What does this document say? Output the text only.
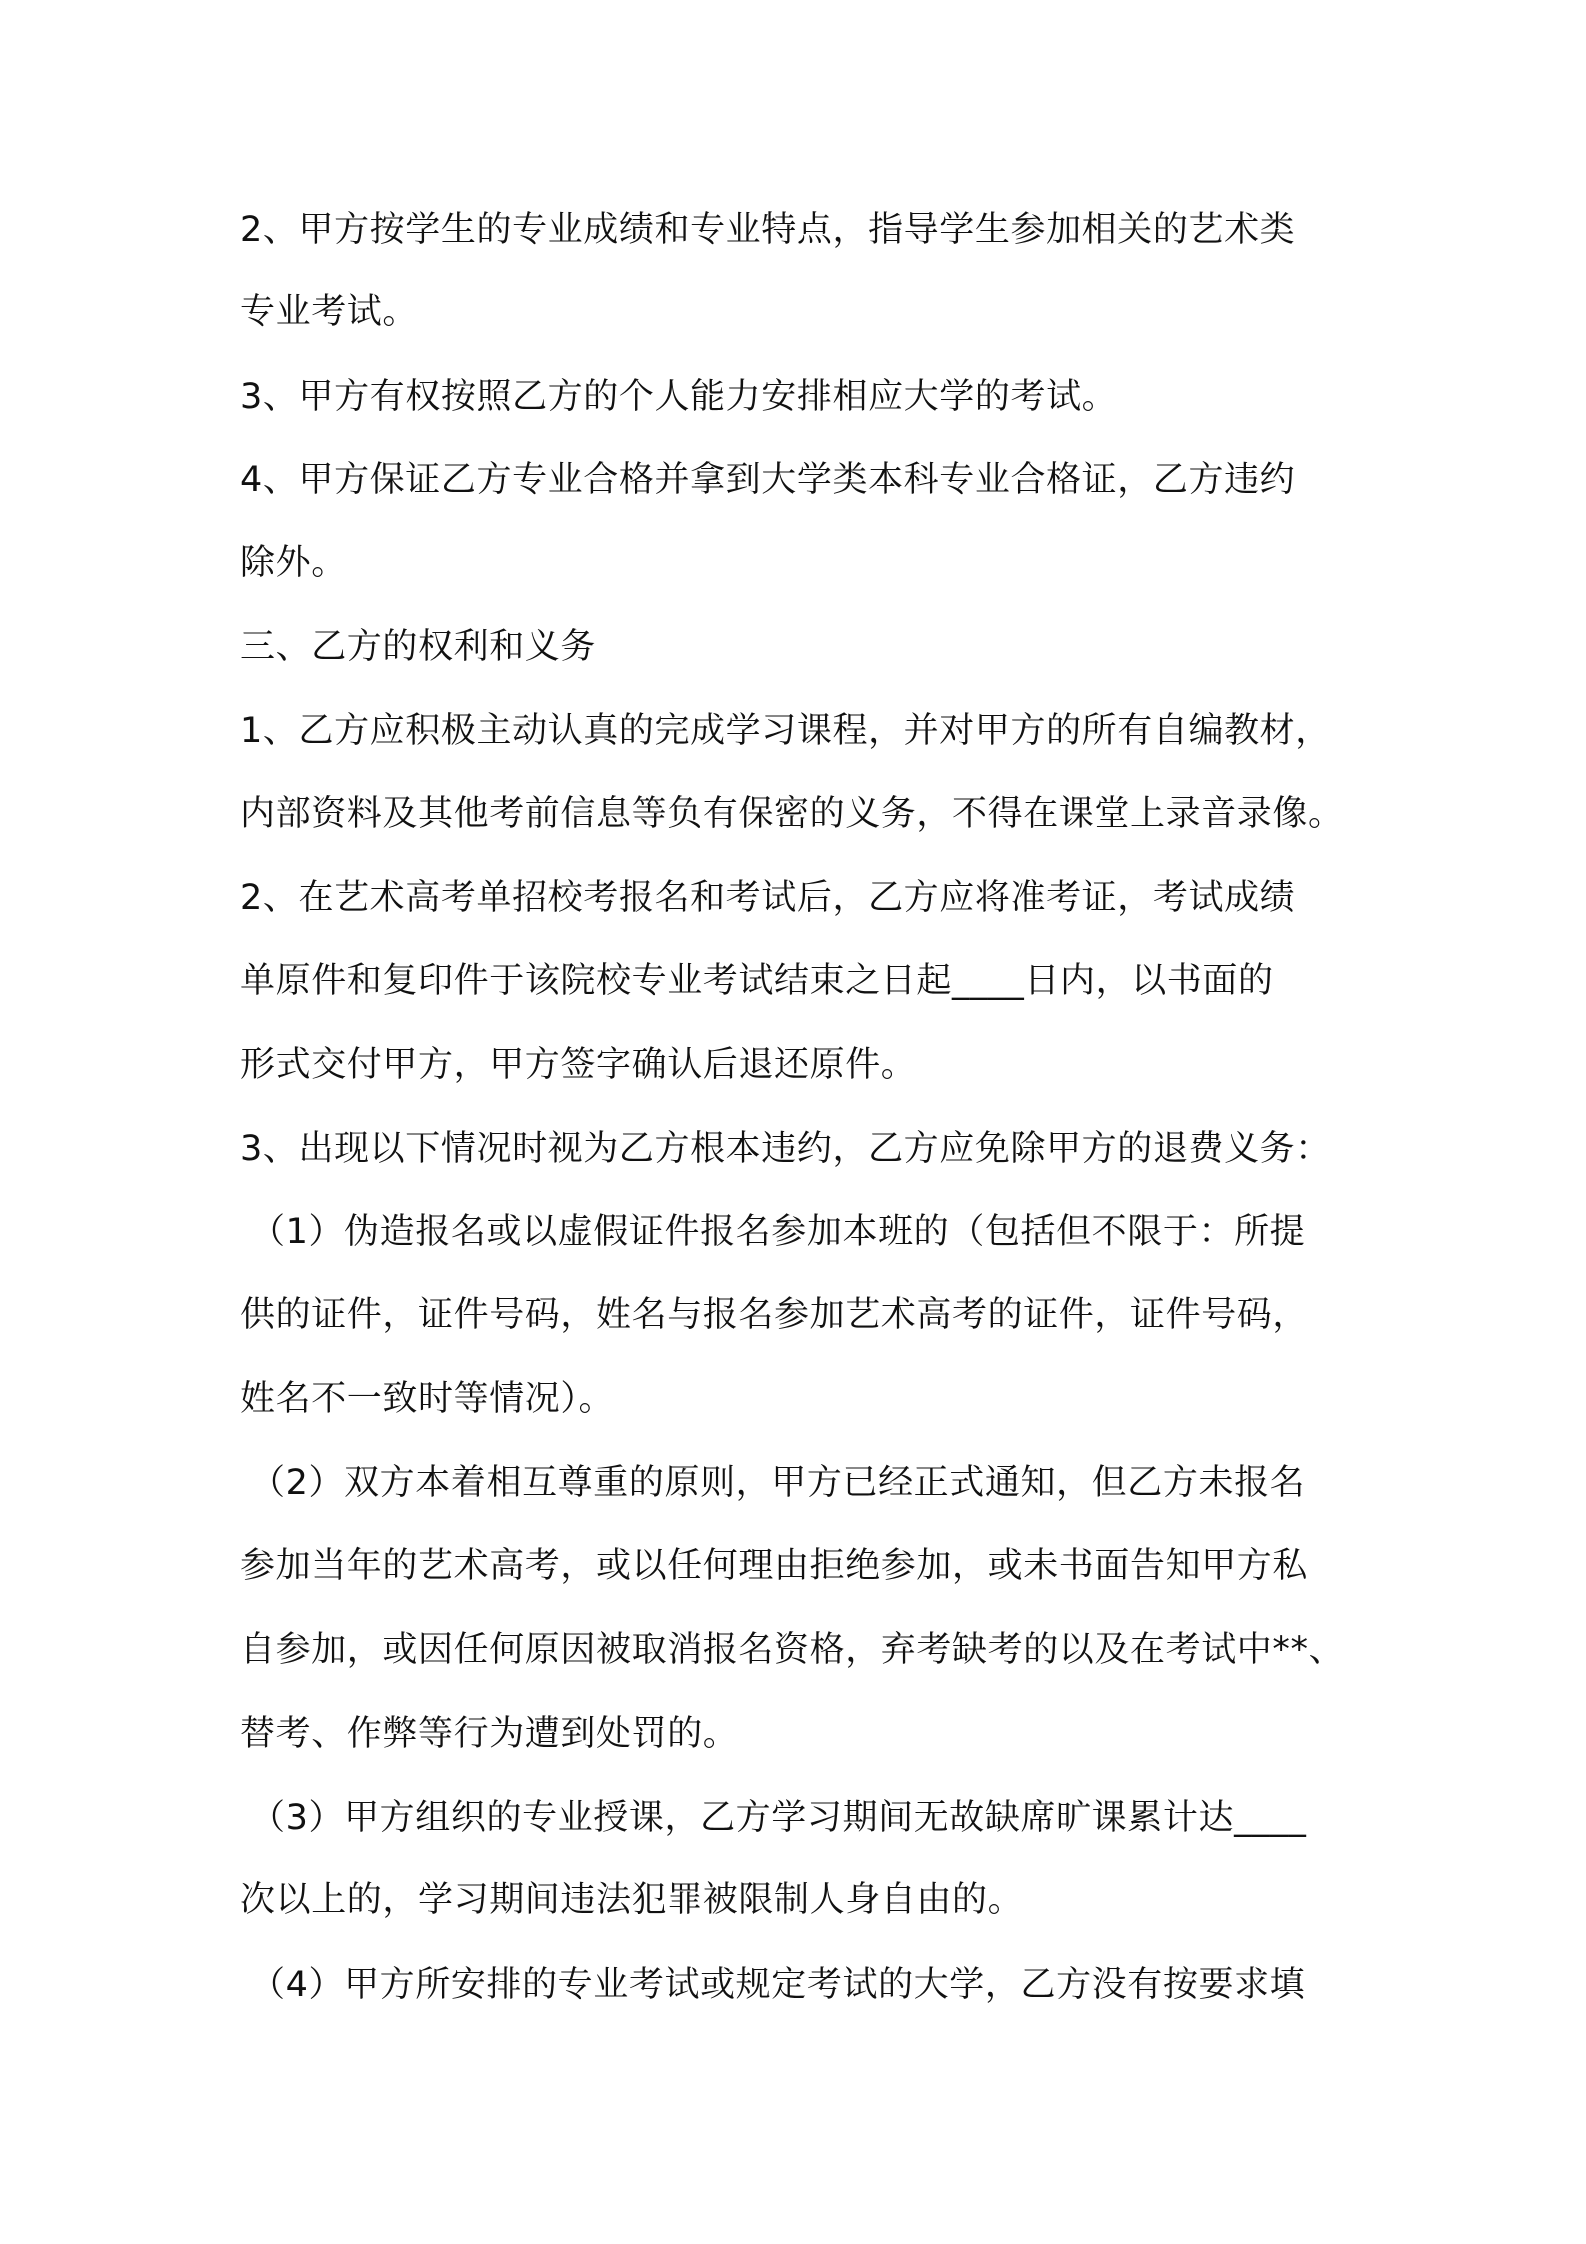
2、甲方按学生的专业成绩和专业特点，指导学生参加相关的艺术类
专业考试。
3、甲方有权按照乙方的个人能力安排相应大学的考试。
4、甲方保证乙方专业合格并拿到大学类本科专业合格证，乙方违约
除外。
三、乙方的权利和义务
1、乙方应积极主动认真的完成学习课程，并对甲方的所有自编教材，
内部资料及其他考前信息等负有保密的义务，不得在课堂上录音录像。
2、在艺术高考单招校考报名和考试后，乙方应将准考证，考试成绩
单原件和复印件于该院校专业考试结束之日起____日内，以书面的
形式交付甲方，甲方签字确认后退还原件。
3、出现以下情况时视为乙方根本违约，乙方应免除甲方的退费义务：
（1）伪造报名或以虚假证件报名参加本班的（包括但不限于：所提
供的证件，证件号码，姓名与报名参加艺术高考的证件，证件号码，
姓名不一致时等情况）。
（2）双方本着相互尊重的原则，甲方已经正式通知，但乙方未报名
参加当年的艺术高考，或以任何理由拒绝参加，或未书面告知甲方私
自参加，或因任何原因被取消报名资格，弃考缺考的以及在考试中**、
替考、作弊等行为遭到处罚的。
（3）甲方组织的专业授课，乙方学习期间无故缺席旷课累计达____
次以上的，学习期间违法犯罪被限制人身自由的。
（4）甲方所安排的专业考试或规定考试的大学，乙方没有按要求填
